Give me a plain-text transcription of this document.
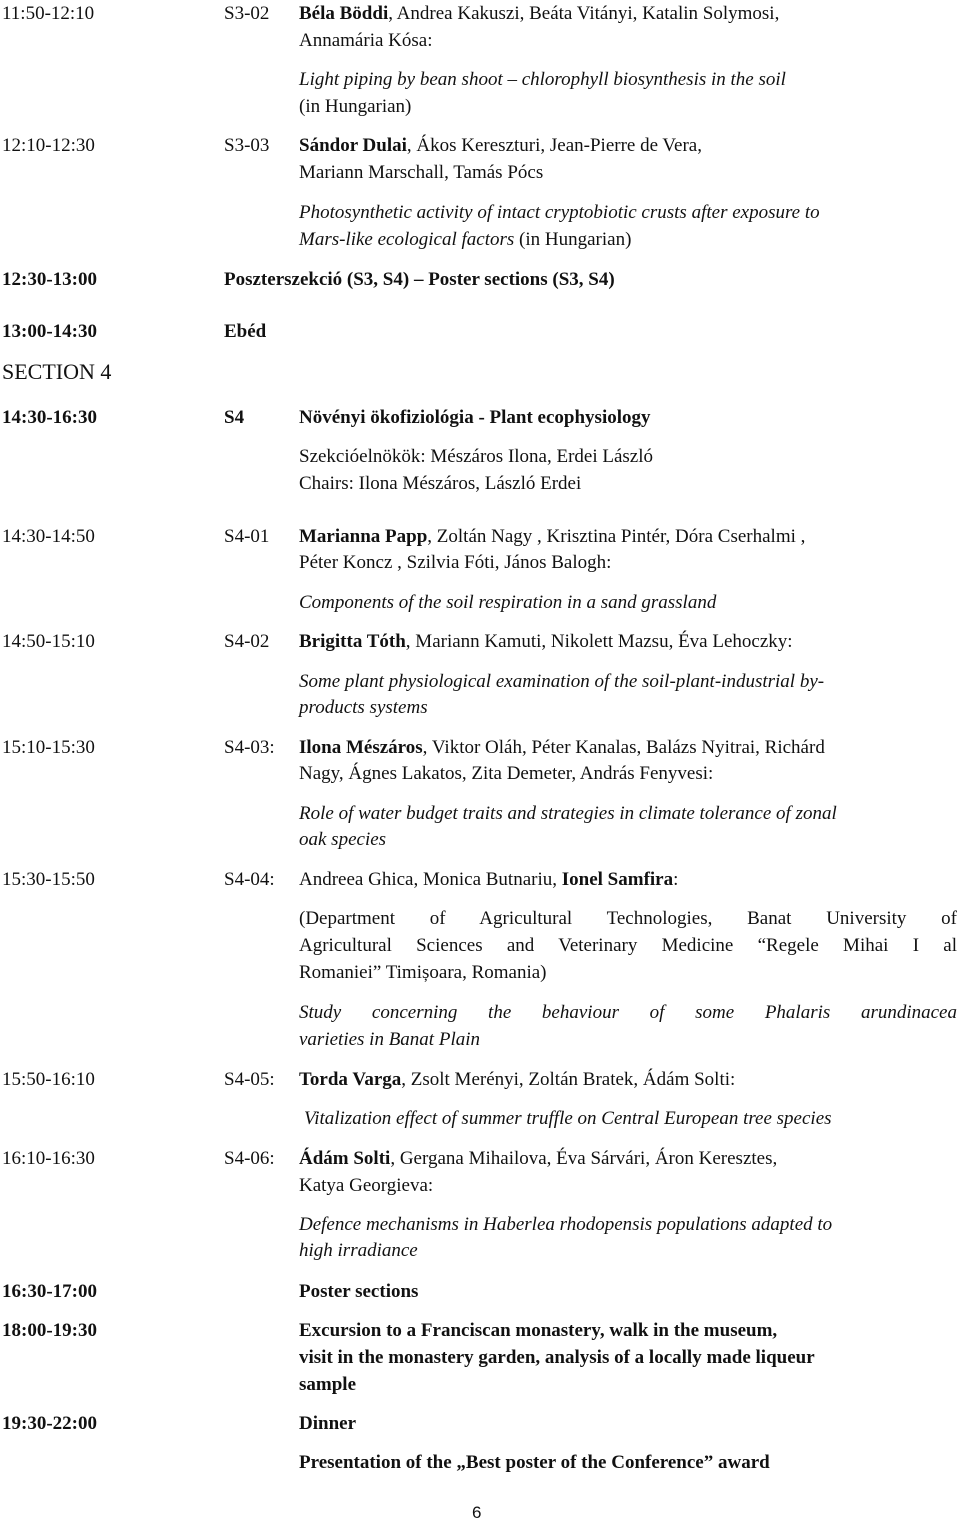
11:50-12:10	S3-02 Béla Böddi, Andrea Kakuszi, Beáta Vitányi, Katalin Solymosi,
Annamária Kósa:
Light piping by bean shoot – chlorophyll biosynthesis in the soil
(in Hungarian)
12:10-12:30	S3-03 Sándor Dulai, Ákos Kereszturi, Jean-Pierre de Vera,
Mariann Marschall, Tamás Pócs
Photosynthetic activity of intact cryptobiotic crusts after exposure to
Mars-like ecological factors (in Hungarian)
12:30-13:00	Poszterszekció (S3, S4) – Poster sections (S3, S4)
13:00-14:30	Ebéd
SECTION 4
14:30-16:30	S4	Növényi ökofiziológia - Plant ecophysiology
Szekcióelnökök: Mészáros Ilona, Erdei László
Chairs: Ilona Mészáros, László Erdei
14:30-14:50	S4-01 Marianna Papp, Zoltán Nagy , Krisztina Pintér, Dóra Cserhalmi ,
Péter Koncz , Szilvia Fóti, János Balogh:
Components of the soil respiration in a sand grassland
14:50-15:10	S4-02 Brigitta Tóth, Mariann Kamuti, Nikolett Mazsu, Éva Lehoczky:
Some plant physiological examination of the soil-plant-industrial by-
products systems
15:10-15:30	S4-03: Ilona Mészáros, Viktor Oláh, Péter Kanalas, Balázs Nyitrai, Richárd
Nagy, Ágnes Lakatos, Zita Demeter, András Fenyvesi:
Role of water budget traits and strategies in climate tolerance of zonal
oak species
15:30-15:50	S4-04: Andreea Ghica, Monica Butnariu, Ionel Samfira:
(Department of Agricultural Technologies, Banat University of
Agricultural Sciences and Veterinary Medicine “Regele Mihai I al
Romaniei” Timișoara, Romania)
Study concerning the behaviour of some Phalaris arundinacea
varieties in Banat Plain
15:50-16:10	S4-05: Torda Varga, Zsolt Merényi, Zoltán Bratek, Ádám Solti:
Vitalization effect of summer truffle on Central European tree species
16:10-16:30	S4-06: Ádám Solti, Gergana Mihailova, Éva Sárvári, Áron Keresztes,
Katya Georgieva:
Defence mechanisms in Haberlea rhodopensis populations adapted to
high irradiance
16:30-17:00	Poster sections
18:00-19:30	Excursion to a Franciscan monastery, walk in the museum,
visit in the monastery garden, analysis of a locally made liqueur
sample
19:30-22:00	Dinner
Presentation of the „Best poster of the Conference” award
6
